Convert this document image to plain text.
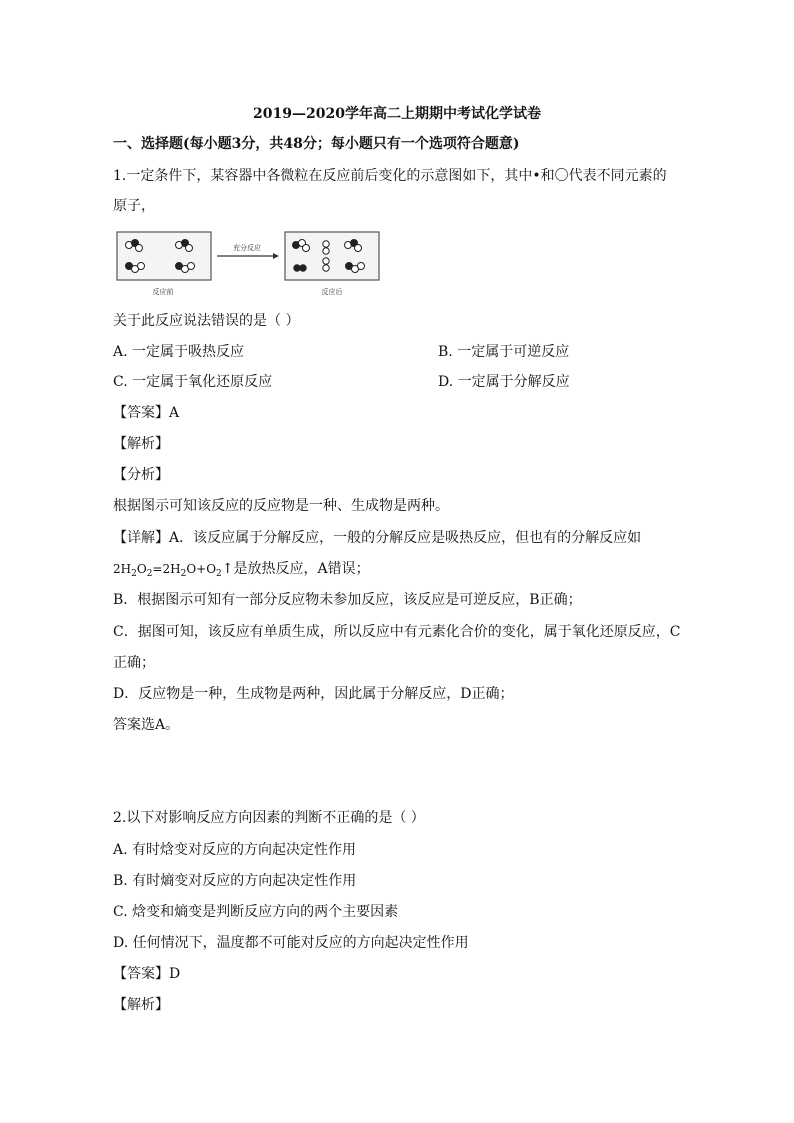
2019—2020学年高二上期期中考试化学试卷
一、选择题(每小题3分，共48分；每小题只有一个选项符合题意)
1.一定条件下，某容器中各微粒在反应前后变化的示意图如下，其中•和〇代表不同元素的
原子，
反应前
充分反应
反应后
关于此反应说法错误的是（ ）
A. 一定属于吸热反应	B. 一定属于可逆反应
C. 一定属于氧化还原反应	D. 一定属于分解反应
【答案】A
【解析】
【分析】
根据图示可知该反应的反应物是一种、生成物是两种。
【详解】A．该反应属于分解反应，一般的分解反应是吸热反应，但也有的分解反应如
$2H_2O_2=2H_2O+O_2↑$是放热反应，A错误；
B．根据图示可知有一部分反应物未参加反应，该反应是可逆反应，B正确；
C．据图可知，该反应有单质生成，所以反应中有元素化合价的变化，属于氧化还原反应，C
正确；
D．反应物是一种，生成物是两种，因此属于分解反应，D正确；
答案选A。
2.以下对影响反应方向因素的判断不正确的是（ ）
A. 有时焓变对反应的方向起决定性作用
B. 有时熵变对反应的方向起决定性作用
C. 焓变和熵变是判断反应方向的两个主要因素
D. 任何情况下，温度都不可能对反应的方向起决定性作用
【答案】D
【解析】
